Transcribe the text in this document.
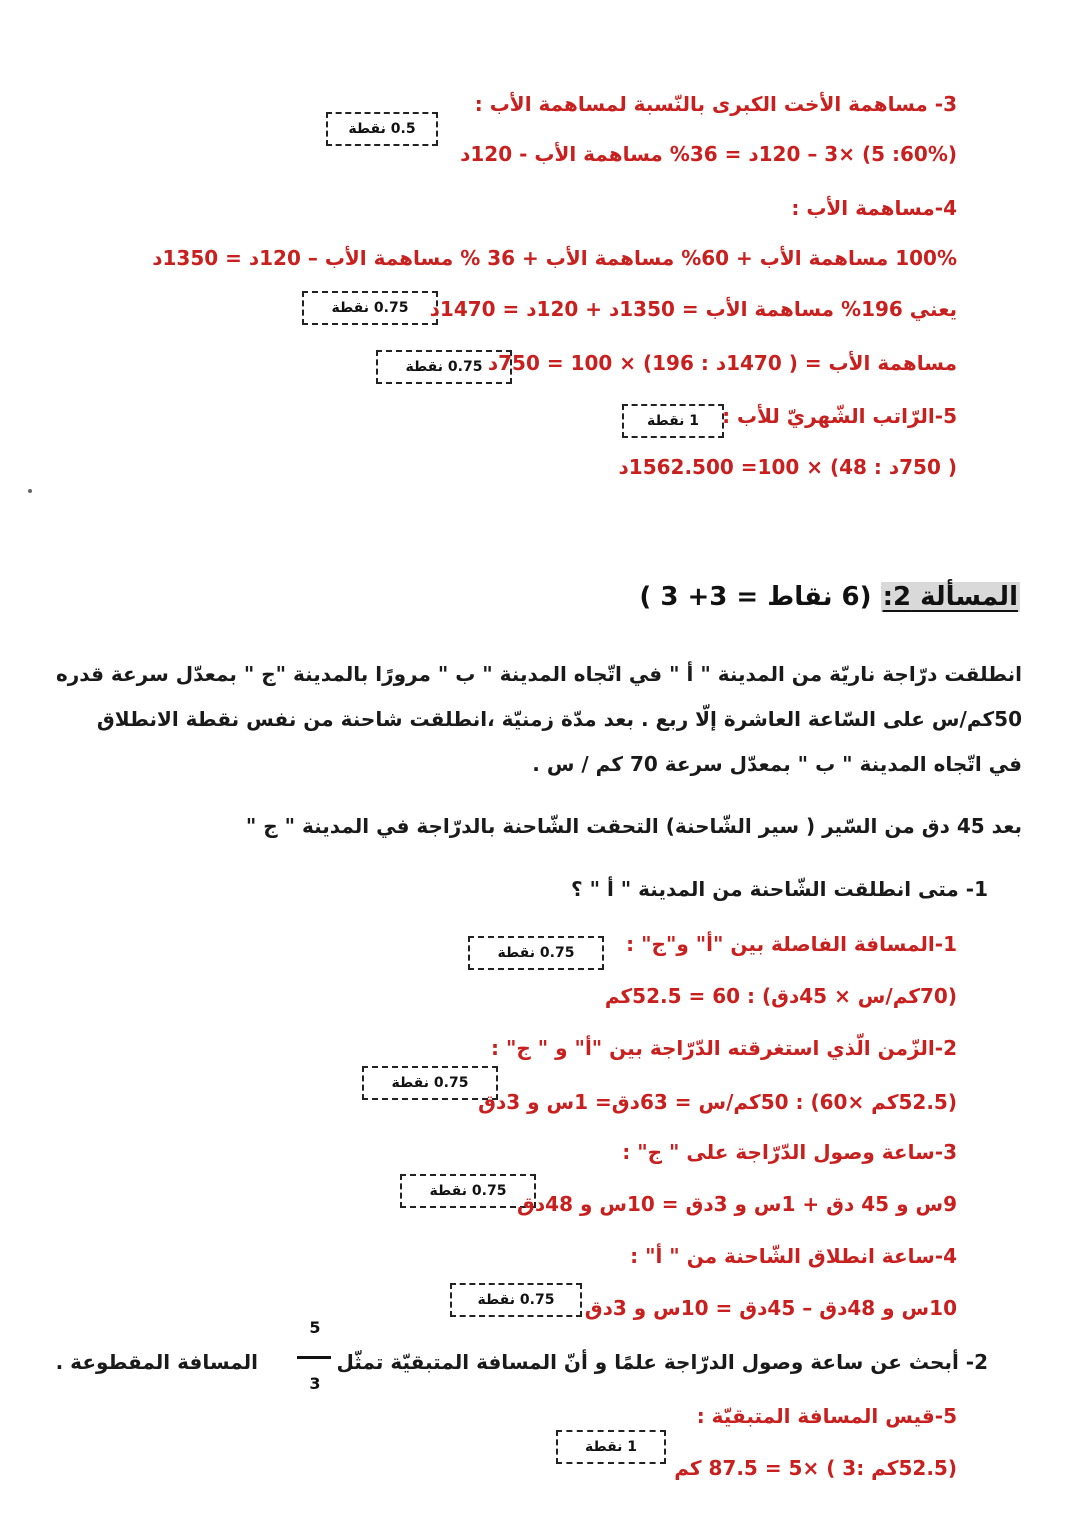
3- مساهمة الأخت الكبرى بالنّسبة لمساهمة الأب :
0.5 نقطة
(60%: 5) ×3 – 120د = 36% مساهمة الأب - 120د
4-مساهمة الأب :
100% مساهمة الأب + 60% مساهمة الأب + 36 % مساهمة الأب – 120د = 1350د
0.75 نقطة	يعني 196% مساهمة الأب = 1350د + 120د = 1470د
0.75 نقطة مساهمة الأب = ( 1470د : 196) × 100 = 750د
5-الرّاتب الشّهريّ للأب :
1 نقطة
( 750د : 48) × 100= 1562.500د
المسألة 2: (6 نقاط = 3+ 3 )
انطلقت درّاجة ناريّة من المدينة " أ " في اتّجاه المدينة " ب " مرورًا بالمدينة "ج " بمعدّل سرعة قدره
50كم/س على السّاعة العاشرة إلّا ربع . بعد مدّة زمنيّة ،انطلقت شاحنة من نفس نقطة الانطلاق
في اتّجاه المدينة " ب " بمعدّل سرعة 70 كم / س .
بعد 45 دق من السّير ( سير الشّاحنة) التحقت الشّاحنة بالدرّاجة في المدينة " ج "
1- متى انطلقت الشّاحنة من المدينة " أ " ؟
1-المسافة الفاصلة بين "أ" و"ج" :
0.75 نقطة
(70كم/س × 45دق) : 60 = 52.5كم
2-الزّمن الّذي استغرقته الدّرّاجة بين "أ" و " ج" :
0.75 نقطة
(52.5كم ×60) : 50كم/س = 63دق= 1س و 3دق
3-ساعة وصول الدّرّاجة على " ج" :
0.75 نقطة
9س و 45 دق + 1س و 3دق = 10س و 48دق
4-ساعة انطلاق الشّاحنة من " أ" :
0.75 نقطة	10س و 48دق – 45دق = 10س و 3دق
2- أبحث عن ساعة وصول الدرّاجة علمًا و أنّ المسافة المتبقيّة تمثّل
5
3
المسافة المقطوعة .
5-قيس المسافة المتبقيّة :
1 نقطة
(52.5كم :3 ) ×5 = 87.5 كم
